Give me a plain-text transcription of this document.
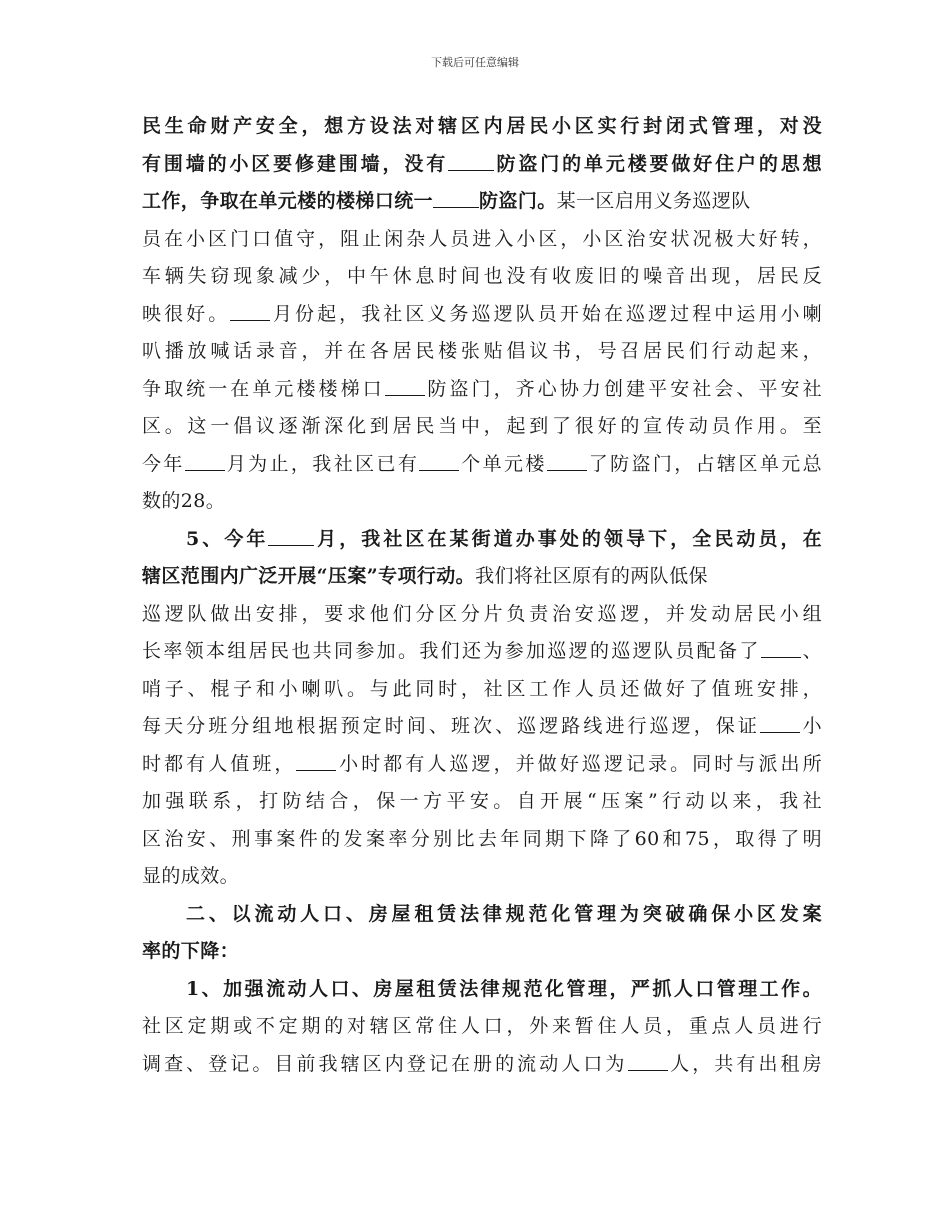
下载后可任意编辑
民生命财产安全，想方设法对辖区内居民小区实行封闭式管理，对没
有围墙的小区要修建围墙，没有 防盗门的单元楼要做好住户的思想
工作，争取在单元楼的楼梯口统一 防盗门。某一区启用义务巡逻队
员在小区门口值守，阻止闲杂人员进入小区，小区治安状况极大好转，
车辆失窃现象减少，中午休息时间也没有收废旧的噪音出现，居民反
映很好。 月份起，我社区义务巡逻队员开始在巡逻过程中运用小喇
叭播放喊话录音，并在各居民楼张贴倡议书，号召居民们行动起来，
争取统一在单元楼楼梯口 防盗门，齐心协力创建平安社会、平安社
区。这一倡议逐渐深化到居民当中，起到了很好的宣传动员作用。至
今年 月为止，我社区已有 个单元楼 了防盗门，占辖区单元总
数的28。
5、今年 月，我社区在某街道办事处的领导下，全民动员，在
辖区范围内广泛开展“压案”专项行动。我们将社区原有的两队低保
巡逻队做出安排，要求他们分区分片负责治安巡逻，并发动居民小组
长率领本组居民也共同参加。我们还为参加巡逻的巡逻队员配备了 、
哨子、棍子和小喇叭。与此同时，社区工作人员还做好了值班安排，
每天分班分组地根据预定时间、班次、巡逻路线进行巡逻，保证 小
时都有人值班， 小时都有人巡逻，并做好巡逻记录。同时与派出所
加强联系，打防结合，保一方平安。自开展“压案”行动以来，我社
区治安、刑事案件的发案率分别比去年同期下降了60和75，取得了明
显的成效。
二、以流动人口、房屋租赁法律规范化管理为突破确保小区发案
率的下降：
1、加强流动人口、房屋租赁法律规范化管理，严抓人口管理工作。
社区定期或不定期的对辖区常住人口，外来暂住人员，重点人员进行
调查、登记。目前我辖区内登记在册的流动人口为 人，共有出租房
